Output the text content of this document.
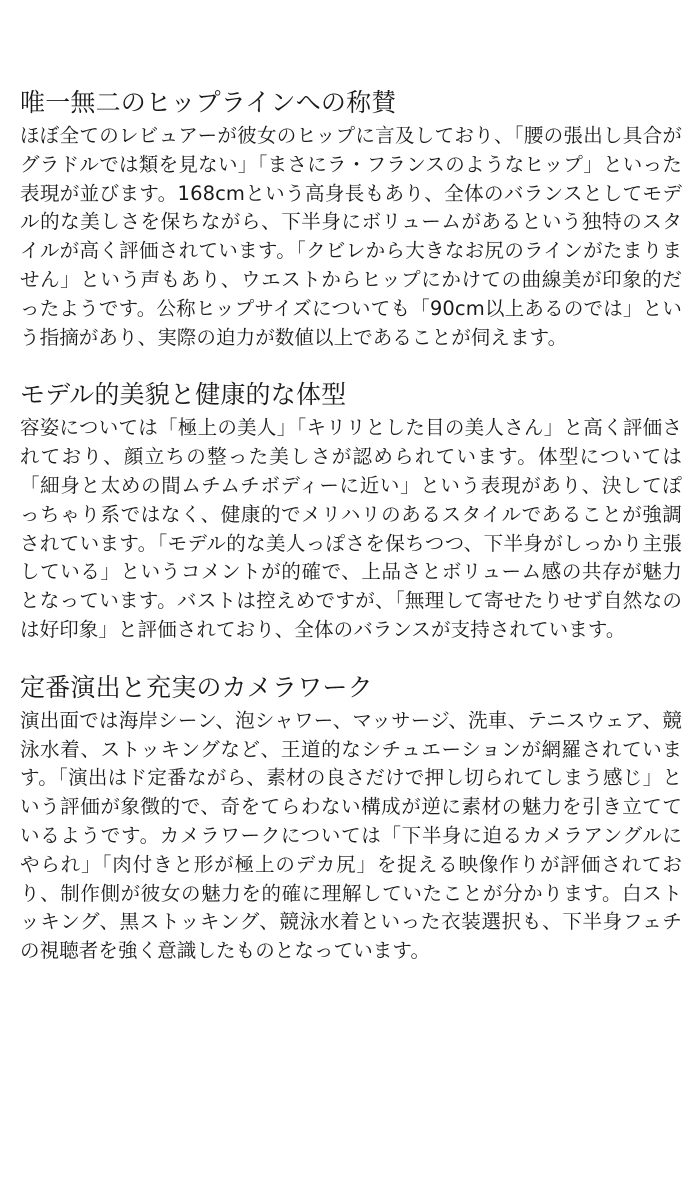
唯一無二のヒップラインへの称賛

ほぼ全てのレビュアーが彼女のヒップに言及しており、「腰の張出し具合がグラドルでは類を見ない」「まさにラ・フランスのようなヒップ」といった表現が並びます。168cmという高身長もあり、全体のバランスとしてモデル的な美しさを保ちながら、下半身にボリュームがあるという独特のスタイルが高く評価されています。「クビレから大きなお尻のラインがたまりません」という声もあり、ウエストからヒップにかけての曲線美が印象的だったようです。公称ヒップサイズについても「90cm以上あるのでは」という指摘があり、実際の迫力が数値以上であることが伺えます。

モデル的美貌と健康的な体型

容姿については「極上の美人」「キリリとした目の美人さん」と高く評価されており、顔立ちの整った美しさが認められています。体型については「細身と太めの間ムチムチボディーに近い」という表現があり、決してぽっちゃり系ではなく、健康的でメリハリのあるスタイルであることが強調されています。「モデル的な美人っぽさを保ちつつ、下半身がしっかり主張している」というコメントが的確で、上品さとボリューム感の共存が魅力となっています。バストは控えめですが、「無理して寄せたりせず自然なのは好印象」と評価されており、全体のバランスが支持されています。

定番演出と充実のカメラワーク

演出面では海岸シーン、泡シャワー、マッサージ、洗車、テニスウェア、競泳水着、ストッキングなど、王道的なシチュエーションが網羅されています。「演出はド定番ながら、素材の良さだけで押し切られてしまう感じ」という評価が象徴的で、奇をてらわない構成が逆に素材の魅力を引き立てているようです。カメラワークについては「下半身に迫るカメラアングルにやられ」「肉付きと形が極上のデカ尻」を捉える映像作りが評価されており、制作側が彼女の魅力を的確に理解していたことが分かります。白ストッキング、黒ストッキング、競泳水着といった衣装選択も、下半身フェチの視聴者を強く意識したものとなっています。
